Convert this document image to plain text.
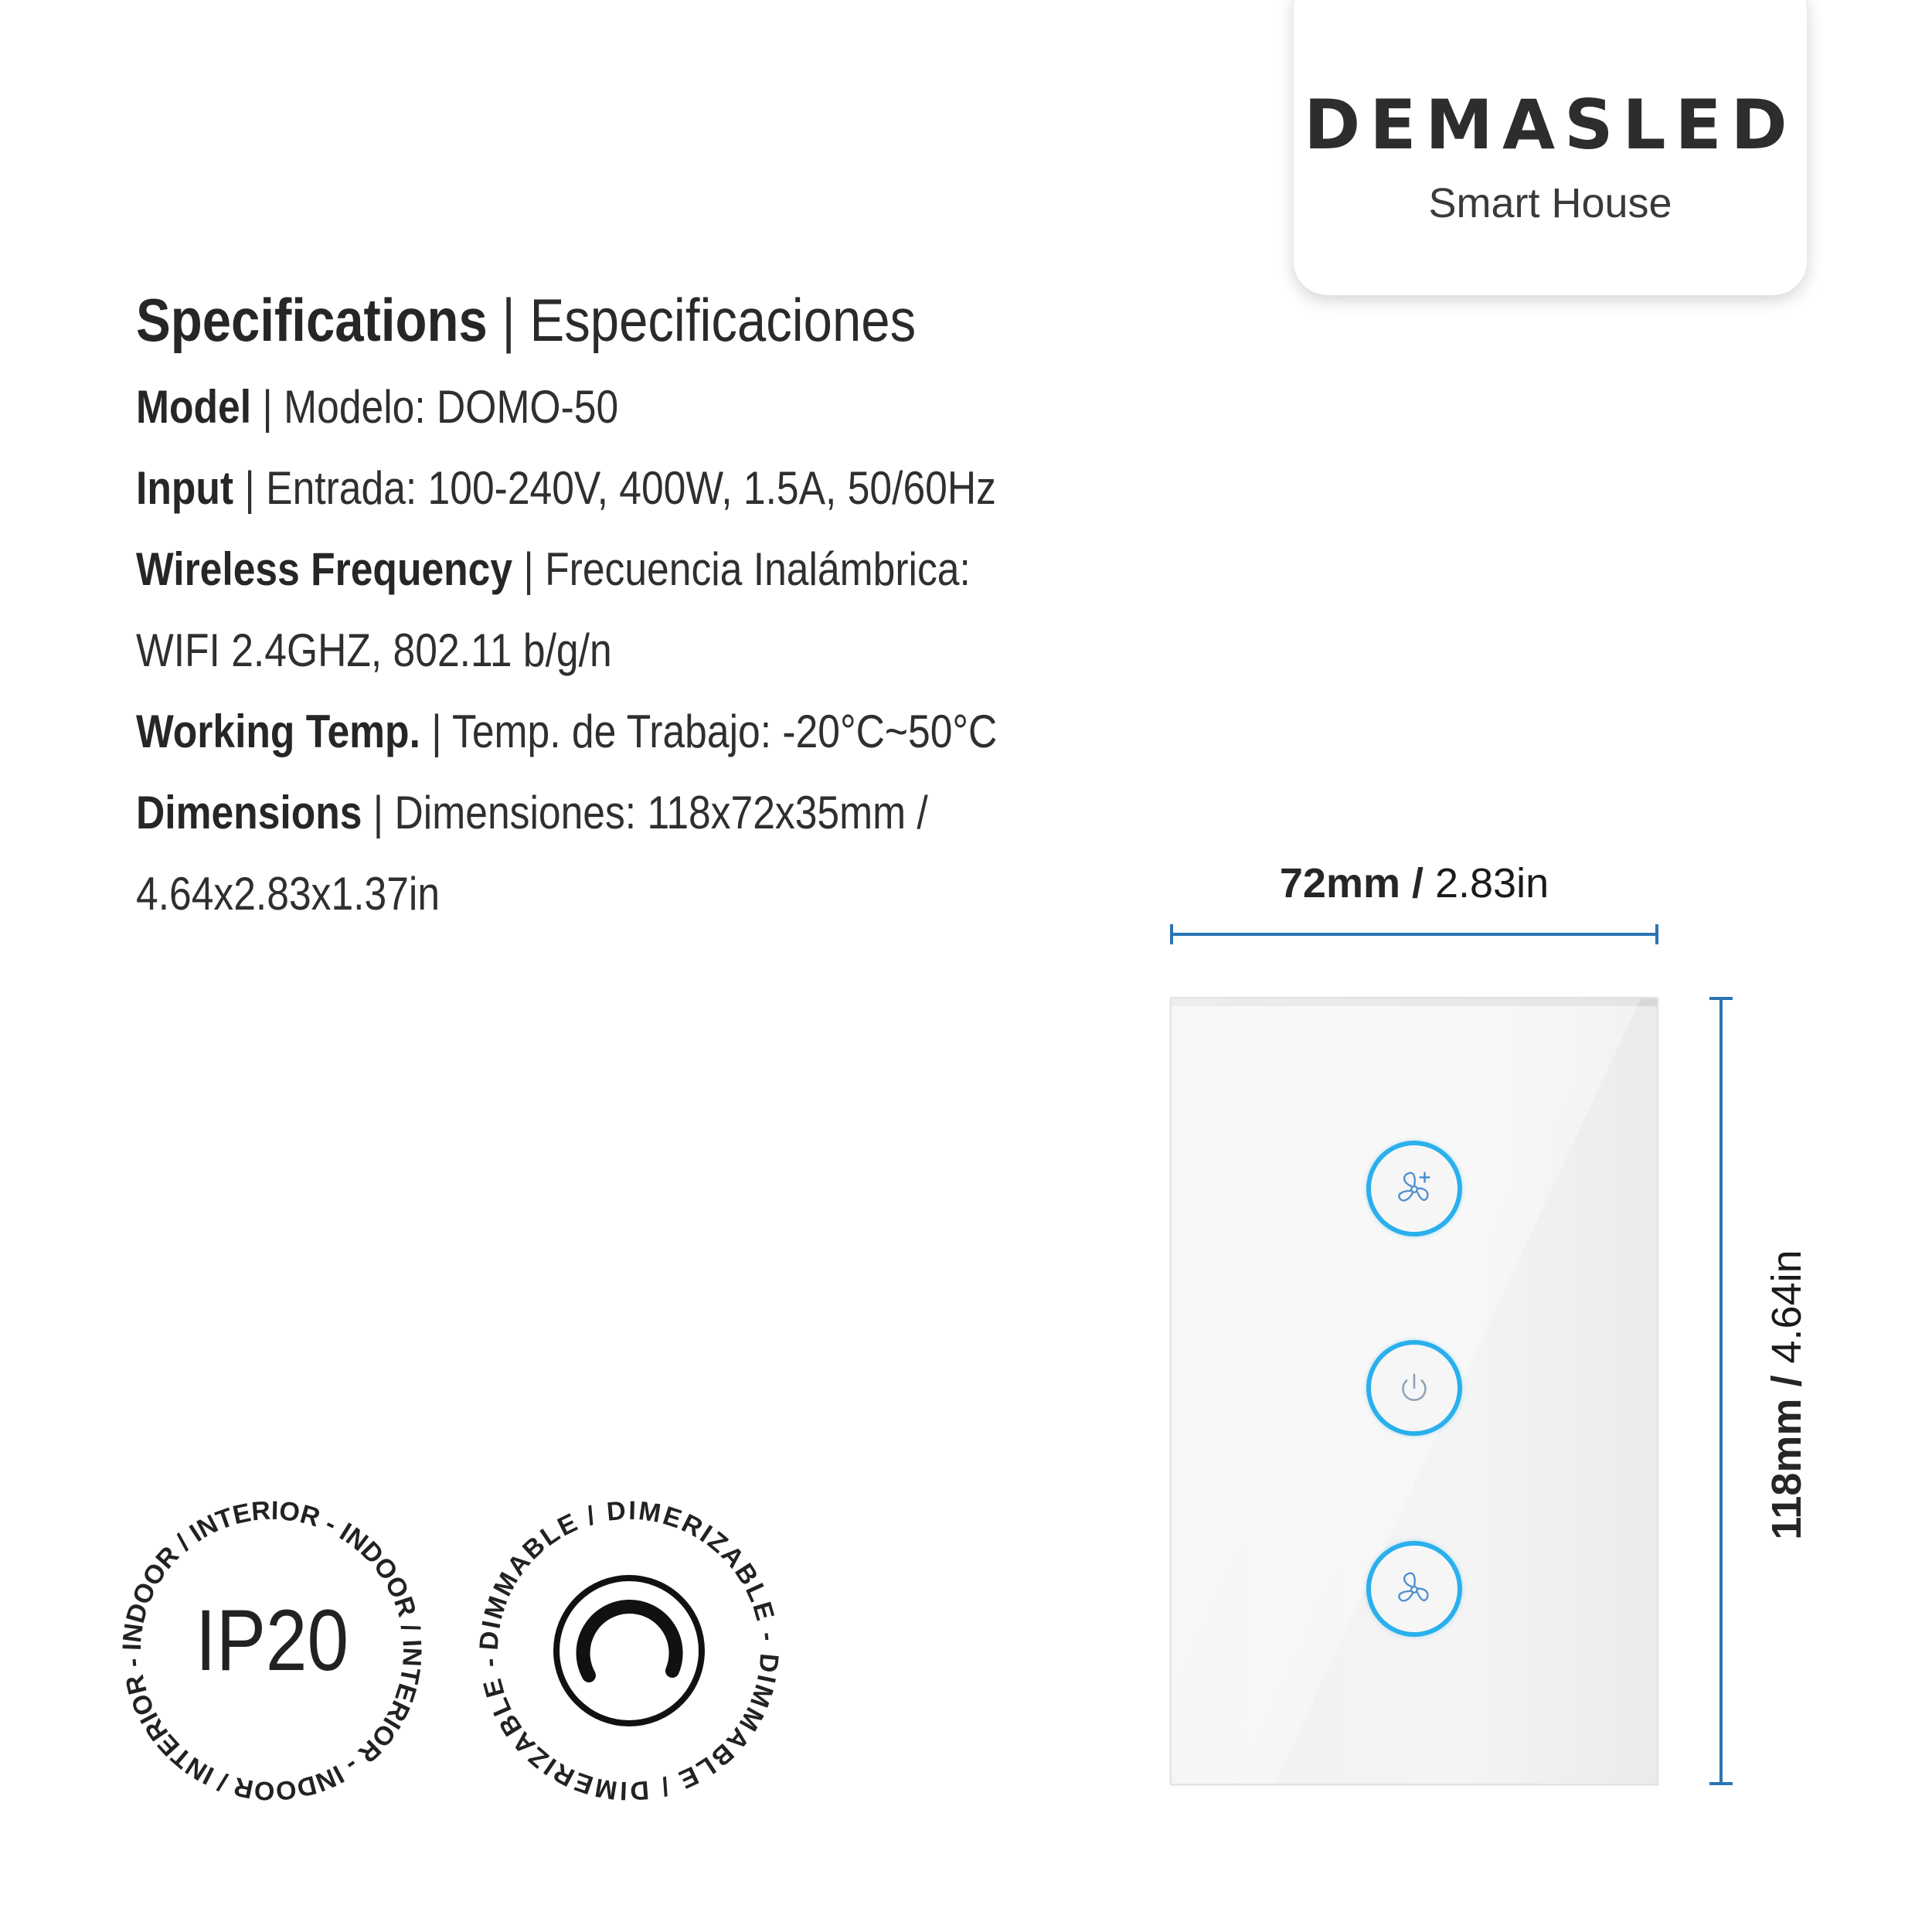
DEMASLED
Smart House
Specifications | Especificaciones
Model | Modelo: DOMO-50
Input | Entrada: 100-240V, 400W, 1.5A, 50/60Hz
Wireless Frequency | Frecuencia Inalámbrica:
WIFI 2.4GHZ, 802.11 b/g/n
Working Temp. | Temp. de Trabajo: -20°C~50°C
Dimensions | Dimensiones: 118x72x35mm /
4.64x2.83x1.37in	72mm / 2.83in
118mm / 4.64in
INDOOR / INTERIOR - INDOOR / INTERIOR - INDOOR / INTERIOR - IP20	DIMMABLE / DIMERIZABLE - DIMMABLE / DIMERIZABLE -
